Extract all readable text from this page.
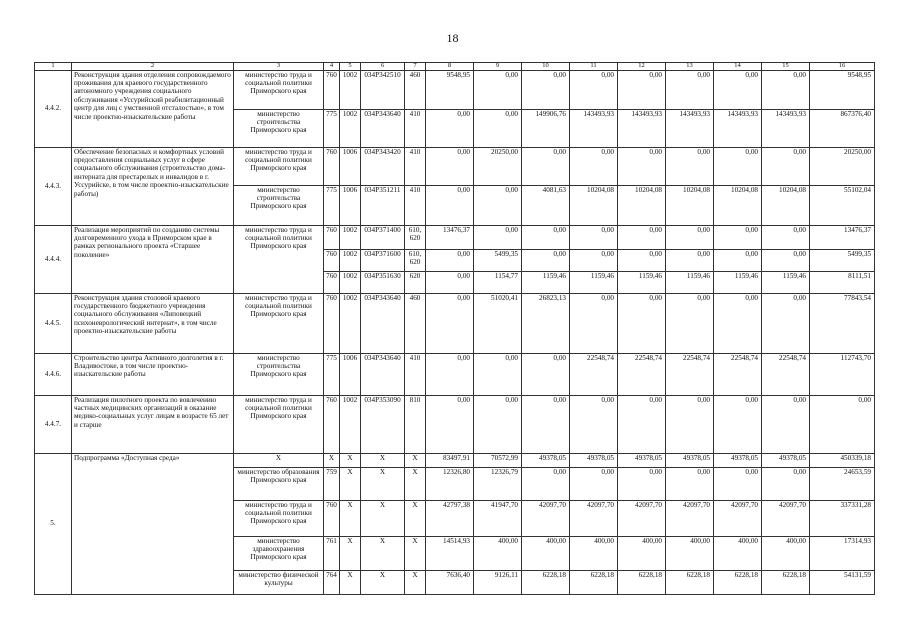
18
1	2	3	4	5	6	7	8	9	10	11	12	13	14	15	16
4.4.2.	Реконструкция здания отделения сопровождаемого проживания для краевого государственного автономного учреждения социального обслуживания «Уссурийский реабилитационный центр для лиц с умственной отсталостью», в том числе проектно-изыскательские работы	министерство труда и социальной политики Приморского края	760	1002	034Р342510	460	9548,95	0,00	0,00	0,00	0,00	0,00	0,00	0,00	9548,95
		министерство строительства Приморского края	775	1002	034Р343640	410	0,00	0,00	149906,76	143493,93	143493,93	143493,93	143493,93	143493,93	867376,40
4.4.3.	Обеспечение безопасных и комфортных условий предоставления социальных услуг в сфере социального обслуживания (строительство дома-интерната для престарелых и инвалидов в г. Уссурийске, в том числе проектно-изыскательские работы)	министерство труда и социальной политики Приморского края	760	1006	034Р343420	410	0,00	20250,00	0,00	0,00	0,00	0,00	0,00	0,00	20250,00
		министерство строительства Приморского края	775	1006	034Р351211	410	0,00	0,00	4081,63	10204,08	10204,08	10204,08	10204,08	10204,08	55102,04
4.4.4.	Реализация мероприятий по созданию системы долговременного ухода в Приморском крае в рамках регионального проекта «Старшее поколение»	министерство труда и социальной политики Приморского края	760	1002	034Р371400	610, 620	13476,37	0,00	0,00	0,00	0,00	0,00	0,00	0,00	13476,37
			760	1002	034Р371600	610, 620	0,00	5499,35	0,00	0,00	0,00	0,00	0,00	0,00	5499,35
			760	1002	034Р351630	620	0,00	1154,77	1159,46	1159,46	1159,46	1159,46	1159,46	1159,46	8111,51
4.4.5.	Реконструкция здания столовой краевого государственного бюджетного учреждения социального обслуживания «Липовецкий психоневрологический интернат», в том числе проектно-изыскательские работы	министерство труда и социальной политики Приморского края	760	1002	034Р343640	460	0,00	51020,41	26823,13	0,00	0,00	0,00	0,00	0,00	77843,54
4.4.6.	Строительство центра Активного долголетия в г. Владивостоке, в том числе проектно-изыскательские работы	министерство строительства Приморского края	775	1006	034Р343640	410	0,00	0,00	0,00	22548,74	22548,74	22548,74	22548,74	22548,74	112743,70
4.4.7.	Реализация пилотного проекта по вовлечению частных медицинских организаций в оказание медико-социальных услуг лицам в возрасте 65 лет и старше	министерство труда и социальной политики Приморского края	760	1002	034Р353090	810	0,00	0,00	0,00	0,00	0,00	0,00	0,00	0,00	0,00
5.	Подпрограмма «Доступная среда»	X	X	X	X	X	83497,91	70572,99	49378,05	49378,05	49378,05	49378,05	49378,05	49378,05	450339,18
		министерство образования Приморского края	759	X	X	X	12326,80	12326,79	0,00	0,00	0,00	0,00	0,00	0,00	24653,59
		министерство труда и социальной политики Приморского края	760	X	X	X	42797,38	41947,70	42097,70	42097,70	42097,70	42097,70	42097,70	42097,70	337331,28
		министерство здравоохранения Приморского края	761	X	X	X	14514,93	400,00	400,00	400,00	400,00	400,00	400,00	400,00	17314,93
		министерство физической культуры	764	X	X	X	7636,40	9126,11	6228,18	6228,18	6228,18	6228,18	6228,18	6228,18	54131,59
